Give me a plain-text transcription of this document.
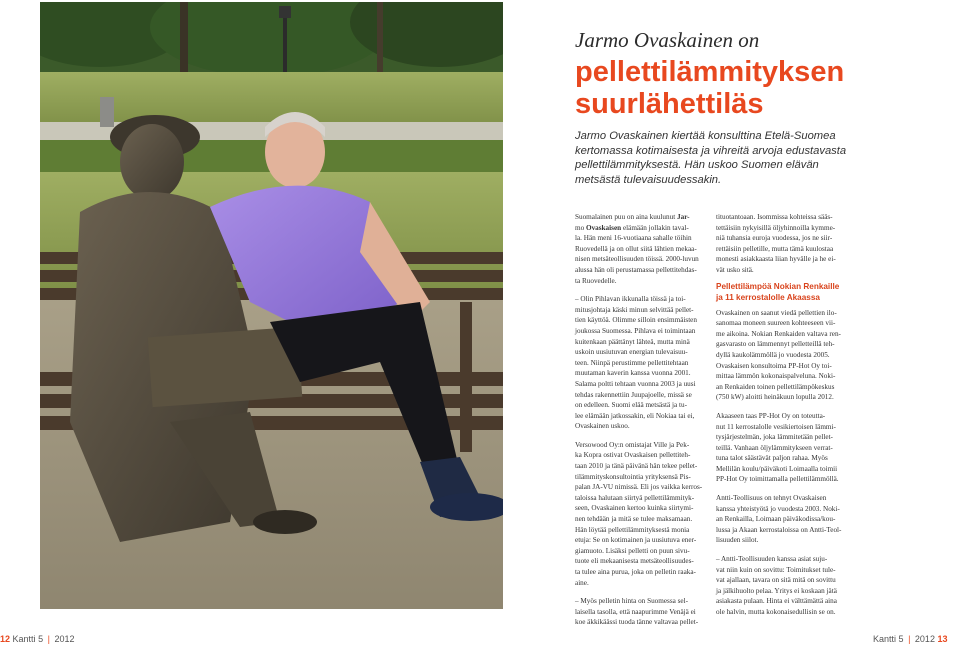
Jarmo Ovaskainen on
pellettilämmityksen
suurlähettiläs
Jarmo Ovaskainen kiertää konsulttina Etelä-Suomea
kertomassa kotimaisesta ja vihreitä arvoja edustavasta
pellettilämmityksestä. Hän uskoo Suomen elävän
metsästä tulevaisuudessakin.
Suomalainen puu on aina kuulunut Jar-
mo Ovaskaisen elämään jollakin taval-
la. Hän meni 16-vuotiaana sahalle töihin
Ruovedellä ja on ollut siitä lähtien mekaa-
nisen metsäteollisuuden töissä. 2000-luvun
alussa hän oli perustamassa pellettitehdas-
ta Ruovedelle.
– Olin Pihlavan ikkunalla töissä ja toi-
mitusjohtaja käski minun selvittää pellet-
tien käyttöä. Olimme silloin ensimmäisten
joukossa Suomessa. Pihlava ei toimintaan
kuitenkaan päättänyt lähteä, mutta minä
uskoin uusiutuvan energian tulevaisuu-
teen. Niinpä perustimme pellettitehtaan
muutaman kaverin kanssa vuonna 2001.
Salama poltti tehtaan vuonna 2003 ja uusi
tehdas rakennettiin Juupajoelle, missä se
on edelleen. Suomi elää metsästä ja tu-
lee elämään jatkossakin, eli Nokiaa tai ei,
Ovaskainen uskoo.
Versowood Oy:n omistajat Ville ja Pek-
ka Kopra ostivat Ovaskaisen pellettiteh-
taan 2010 ja tänä päivänä hän tekee pellet-
tilämmityskonsultointia yrityksensä Pis-
palan JA-VU nimissä. Eli jos vaikka kerros-
taloissa halutaan siirtyä pellettilämmityk-
seen, Ovaskainen kertoo kuinka siirtymi-
nen tehdään ja mitä se tulee maksamaan.
Hän löytää pellettilämmityksestä monia
etuja: Se on kotimainen ja uusiutuva ener-
giamuoto. Lisäksi pelletti on puun sivu-
tuote eli mekaanisesta metsäteollisuudes-
ta tulee aina purua, joka on pelletin raaka-
aine.
– Myös pelletin hinta on Suomessa sel-
laisella tasolla, että naapurimme Venäjä ei
koe äkkikäässi tuoda tänne valtavaa pellet-
tituotantoaan. Isommissa kohteissa sääs-
tettäisiin nykyisillä öljyhinnoilla kymme-
niä tuhansia euroja vuodessa, jos ne siir-
rettäisiin pelletille, mutta tämä kuulostaa
monesti asiakkaasta liian hyvälle ja he ei-
vät usko sitä.
Pellettilämpöä Nokian Renkaille
ja 11 kerrostalolle Akaassa
Ovaskainen on saanut viedä pellettien ilo-
sanomaa moneen suureen kohteeseen vii-
me aikoina. Nokian Renkaiden valtava ren-
gasvarasto on lämmennyt pelletteillä teh-
dyllä kaukolämmöllä jo vuodesta 2005.
Ovaskaisen konsultoima PP-Hot Oy toi-
mittaa lämmön kokonaispalveluna. Noki-
an Renkaiden toinen pellettilämpökeskus
(750 kW) aloitti heinäkuun lopulla 2012.
Akaaseen taas PP-Hot Oy on toteutta-
nut 11 kerrostalolle vesikiertoisen lämmi-
tysjärjestelmän, joka lämmitetään pellet-
teillä. Vanhaan öljylämmitykseen verrat-
tuna talot säästävät paljon rahaa. Myös
Mellilän koulu/päiväkoti Loimaalla toimii
PP-Hot Oy toimittamalla pellettilämmöllä.
Antti-Teollisuus on tehnyt Ovaskaisen
kanssa yhteistyötä jo vuodesta 2003. Noki-
an Renkailla, Loimaan päiväkodissa/kou-
lussa ja Akaan kerrostaloissa on Antti-Teol-
lisuuden siilot.
– Antti-Teollisuuden kanssa asiat suju-
vat niin kuin on sovittu: Toimitukset tule-
vat ajallaan, tavara on sitä mitä on sovittu
ja jälkihuolto pelaa. Yritys ei koskaan jätä
asiakasta pulaan. Hinta ei välttämättä aina
ole halvin, mutta kokonaisedullisin se on.
12 Kantti 5 | 2012	Kantti 5 | 2012 13
